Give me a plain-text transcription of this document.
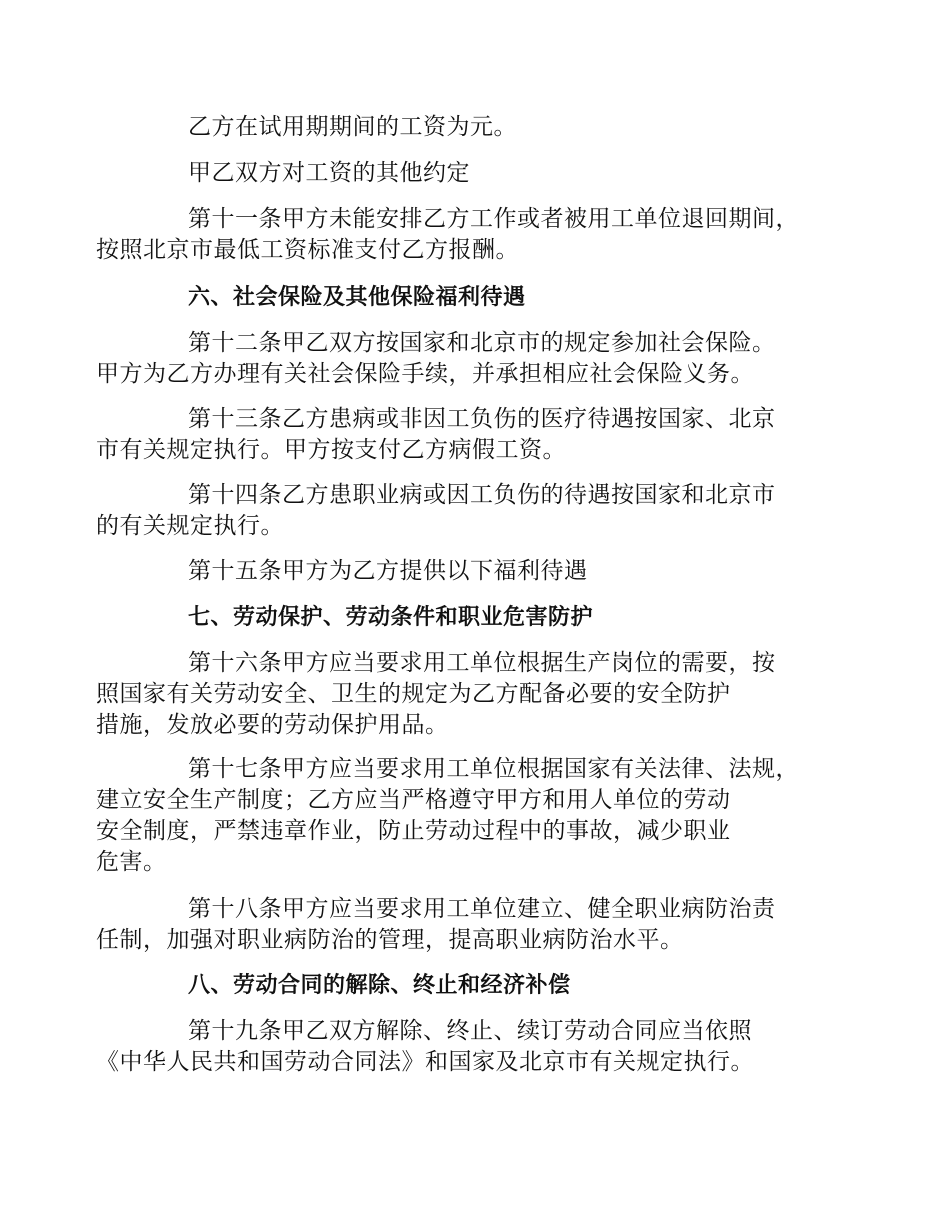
乙方在试用期期间的工资为元。

甲乙双方对工资的其他约定

第十一条甲方未能安排乙方工作或者被用工单位退回期间，
按照北京市最低工资标准支付乙方报酬。

六、社会保险及其他保险福利待遇

第十二条甲乙双方按国家和北京市的规定参加社会保险。
甲方为乙方办理有关社会保险手续，并承担相应社会保险义务。

第十三条乙方患病或非因工负伤的医疗待遇按国家、北京
市有关规定执行。甲方按支付乙方病假工资。

第十四条乙方患职业病或因工负伤的待遇按国家和北京市
的有关规定执行。

第十五条甲方为乙方提供以下福利待遇

七、劳动保护、劳动条件和职业危害防护

第十六条甲方应当要求用工单位根据生产岗位的需要，按
照国家有关劳动安全、卫生的规定为乙方配备必要的安全防护
措施，发放必要的劳动保护用品。

第十七条甲方应当要求用工单位根据国家有关法律、法规，
建立安全生产制度；乙方应当严格遵守甲方和用人单位的劳动
安全制度，严禁违章作业，防止劳动过程中的事故，减少职业
危害。

第十八条甲方应当要求用工单位建立、健全职业病防治责
任制，加强对职业病防治的管理，提高职业病防治水平。

八、劳动合同的解除、终止和经济补偿

第十九条甲乙双方解除、终止、续订劳动合同应当依照
《中华人民共和国劳动合同法》和国家及北京市有关规定执行。
